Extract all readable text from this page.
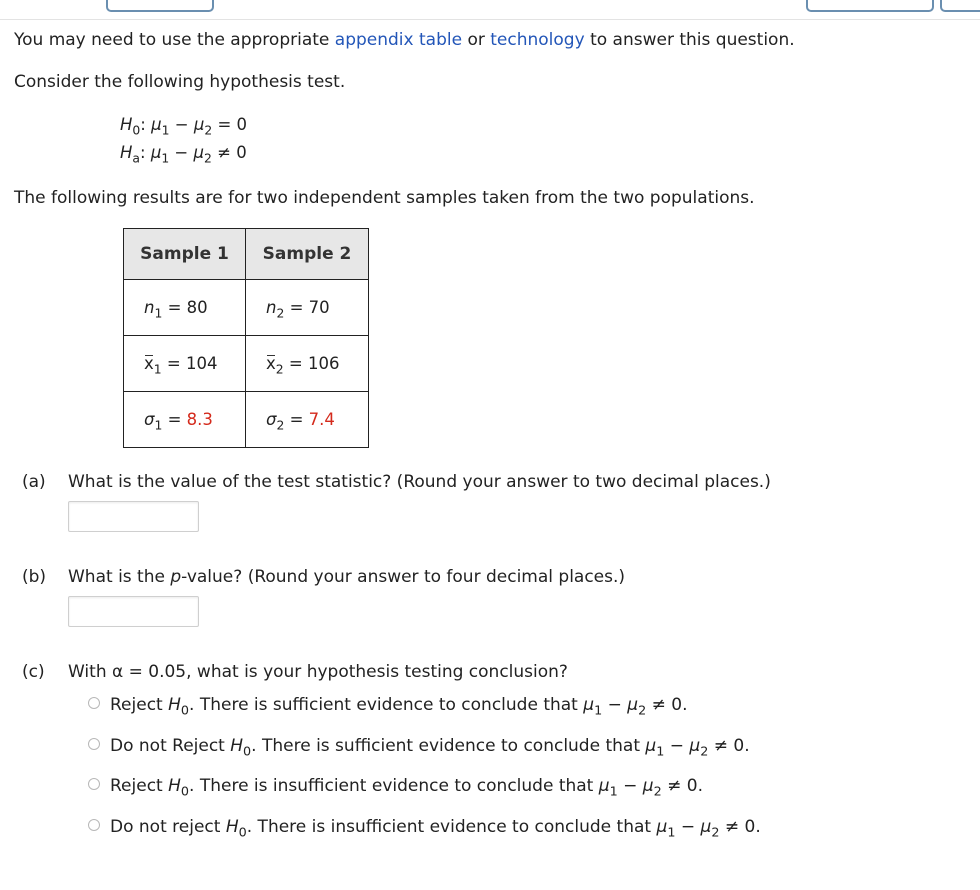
You may need to use the appropriate appendix table or technology to answer this question.
Consider the following hypothesis test.
$H_0$: $\mu_1 - \mu_2 = 0$
$H_a$: $\mu_1 - \mu_2 \ne 0$
The following results are for two independent samples taken from the two populations.
Sample 1	Sample 2
$n_1 = 80$	$n_2 = 70$
$x_1 = 104$	$x_2 = 106$
$\sigma_1 = 8.3$	$\sigma_2 = 7.4$
(a) What is the value of the test statistic? (Round your answer to two decimal places.)
(b) What is the p-value? (Round your answer to four decimal places.)
(c) With α = 0.05, what is your hypothesis testing conclusion?
Reject $H_0$. There is sufficient evidence to conclude that $\mu_1 - \mu_2 \ne 0$.
Do not Reject $H_0$. There is sufficient evidence to conclude that $\mu_1 - \mu_2 \ne 0$.
Reject $H_0$. There is insufficient evidence to conclude that $\mu_1 - \mu_2 \ne 0$.
Do not reject $H_0$. There is insufficient evidence to conclude that $\mu_1 - \mu_2 \ne 0$.
